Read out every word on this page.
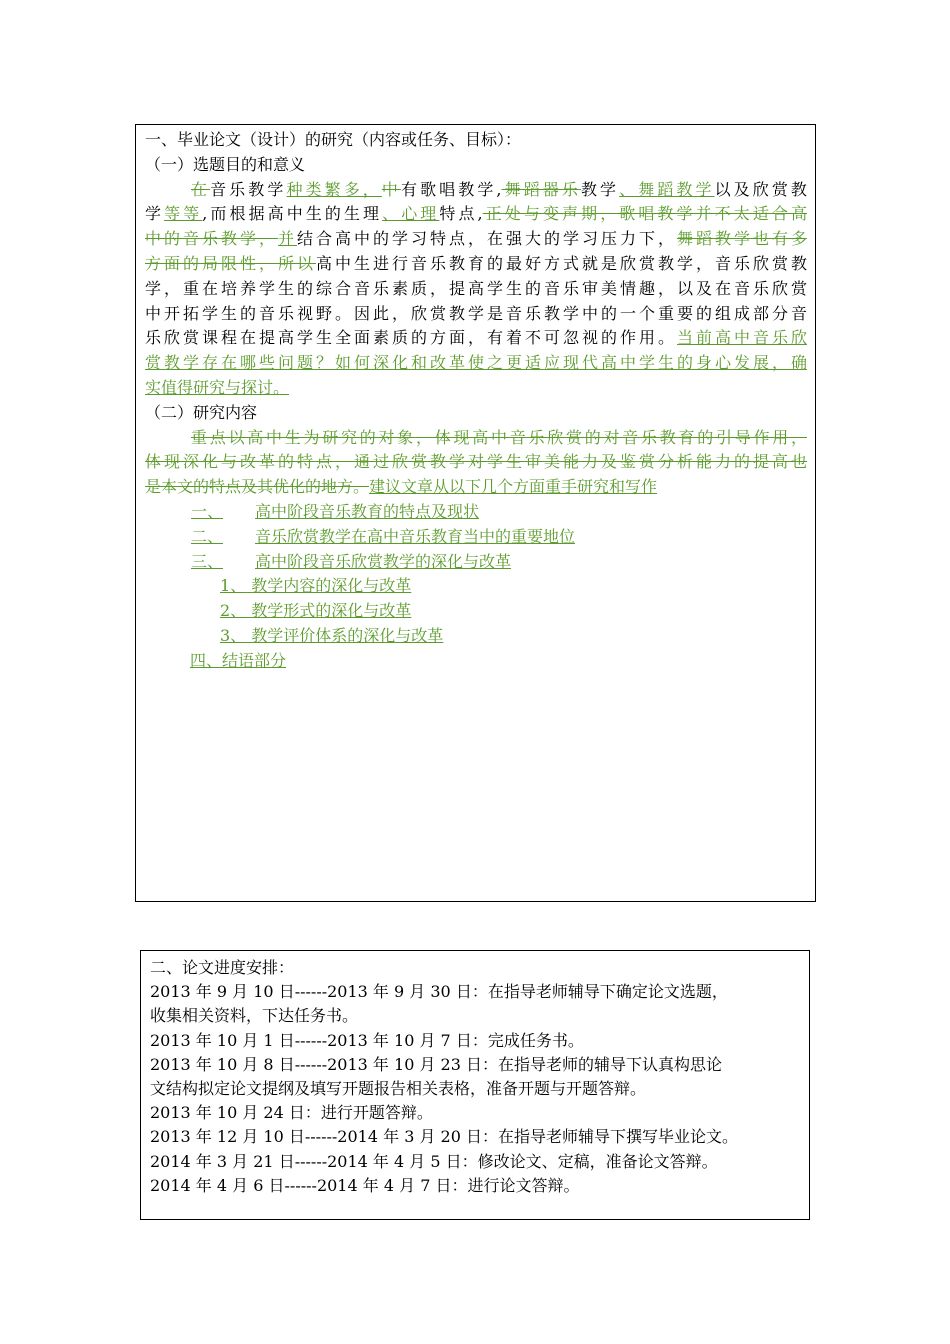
一、毕业论文（设计）的研究（内容或任务、目标）：
（一）选题目的和意义
在音乐教学种类繁多，中有歌唱教学,舞蹈器乐教学、舞蹈教学以及欣赏教
学等等,而根据高中生的生理、心理特点,正处与变声期，歌唱教学并不太适合高
中的音乐教学，并结合高中的学习特点，在强大的学习压力下，舞蹈教学也有多
方面的局限性，所以高中生进行音乐教育的最好方式就是欣赏教学，音乐欣赏教
学，重在培养学生的综合音乐素质，提高学生的音乐审美情趣，以及在音乐欣赏
中开拓学生的音乐视野。因此，欣赏教学是音乐教学中的一个重要的组成部分音
乐欣赏课程在提高学生全面素质的方面，有着不可忽视的作用。当前高中音乐欣
赏教学存在哪些问题？如何深化和改革使之更适应现代高中学生的身心发展，确
实值得研究与探讨。
（二）研究内容
重点以高中生为研究的对象，体现高中音乐欣赏的对音乐教育的引导作用，
体现深化与改革的特点，通过欣赏教学对学生审美能力及鉴赏分析能力的提高也
是本文的特点及其优化的地方。建议文章从以下几个方面重手研究和写作
一、 高中阶段音乐教育的特点及现状
二、 音乐欣赏教学在高中音乐教育当中的重要地位
三、 高中阶段音乐欣赏教学的深化与改革
1、 教学内容的深化与改革
2、 教学形式的深化与改革
3、 教学评价体系的深化与改革
四、结语部分
二、论文进度安排：
2013 年 9 月 10 日------2013 年 9 月 30 日：在指导老师辅导下确定论文选题，
收集相关资料，下达任务书。
2013 年 10 月 1 日------2013 年 10 月 7 日：完成任务书。
2013 年 10 月 8 日------2013 年 10 月 23 日：在指导老师的辅导下认真构思论
文结构拟定论文提纲及填写开题报告相关表格，准备开题与开题答辩。
2013 年 10 月 24 日：进行开题答辩。
2013 年 12 月 10 日------2014 年 3 月 20 日：在指导老师辅导下撰写毕业论文。
2014 年 3 月 21 日------2014 年 4 月 5 日：修改论文、定稿，准备论文答辩。
2014 年 4 月 6 日------2014 年 4 月 7 日：进行论文答辩。
